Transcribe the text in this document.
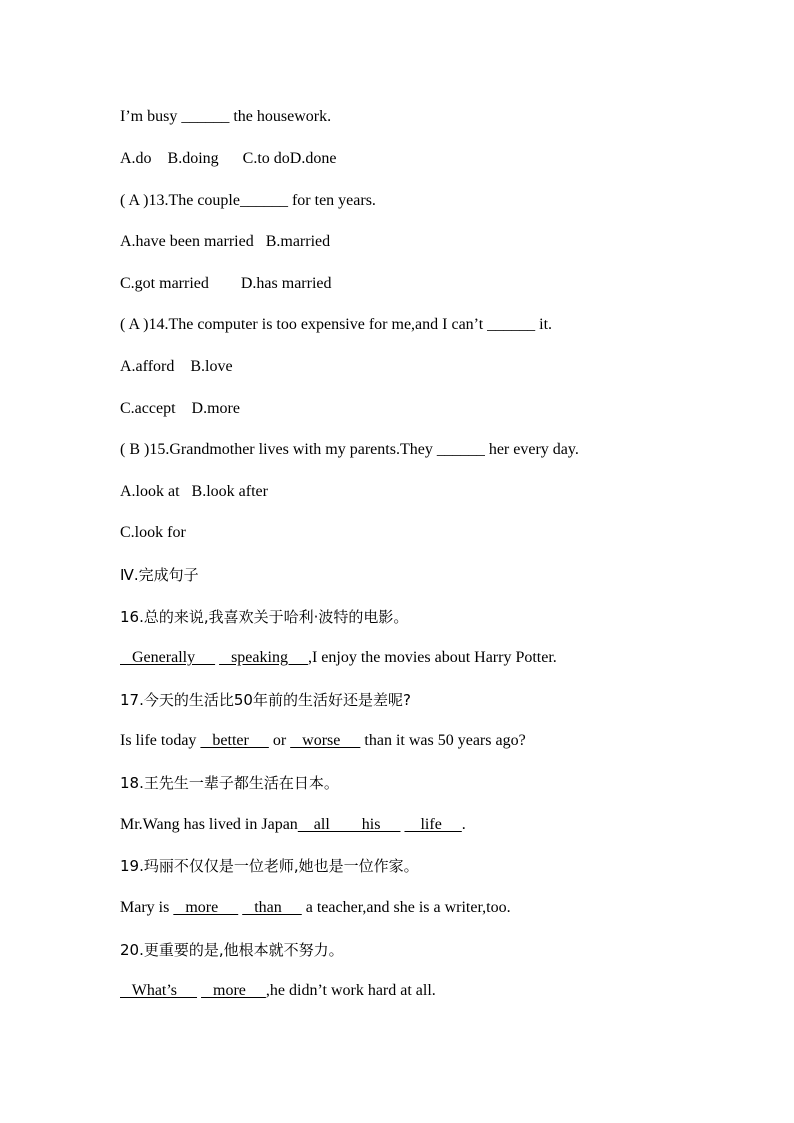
I’m busy ______ the housework.
A.do    B.doing      C.to doD.done
( A )13.The couple______ for ten years.
A.have been married   B.married
C.got married        D.has married
( A )14.The computer is too expensive for me,and I can’t ______ it.
A.afford    B.love
C.accept    D.more
( B )15.Grandmother lives with my parents.They ______ her every day.
A.look at   B.look after
C.look for
Ⅳ.完成句子
16.总的来说,我喜欢关于哈利·波特的电影。
Generally         speaking     ,I enjoy the movies about Harry Potter.
17.今天的生活比50年前的生活好还是差呢?
Is life today    better      or    worse      than it was 50 years ago?
18.王先生一辈子都生活在日本。
Mr.Wang has lived in Japan    all        his          life     .
19.玛丽不仅仅是一位老师,她也是一位作家。
Mary is    more         than      a teacher,and she is a writer,too.
20.更重要的是,他根本就不努力。
What’s         more     ,he didn’t work hard at all.
